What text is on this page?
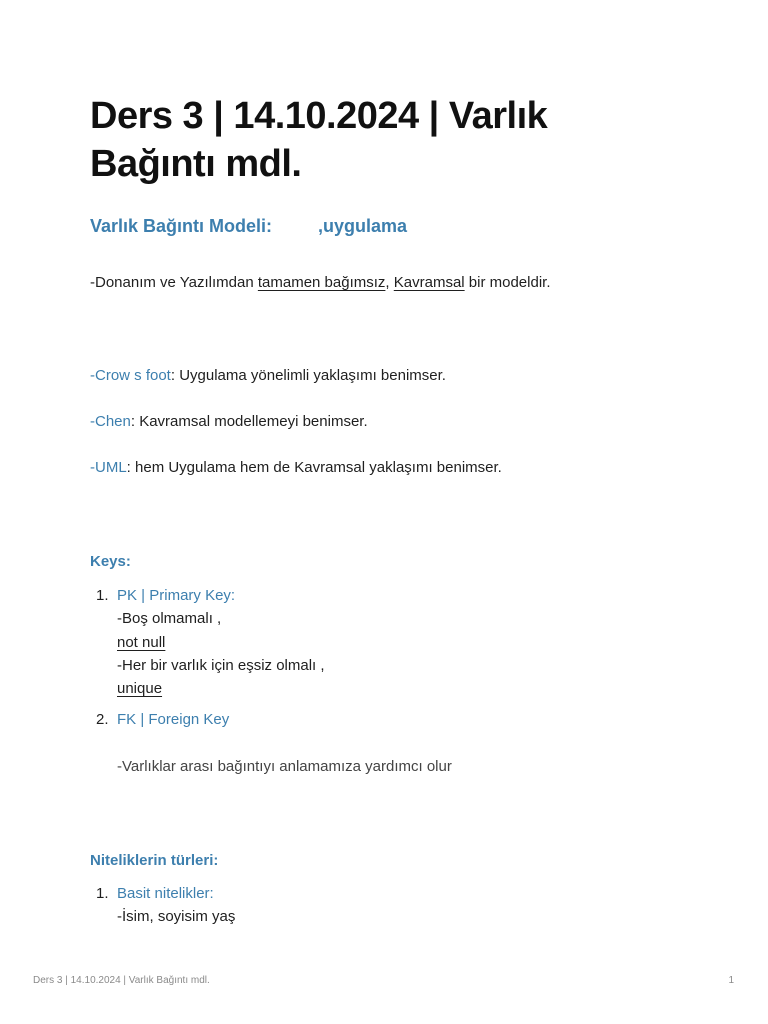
Ders 3 | 14.10.2024 | Varlık Bağıntı mdl.

Varlık Bağıntı Modeli:	,uygulama

-Donanım ve Yazılımdan tamamen bağımsız, Kavramsal bir modeldir.
-Crow s foot: Uygulama yönelimli yaklaşımı benimser.
-Chen: Kavramsal modellemeyi benimser.
-UML: hem Uygulama hem de Kavramsal yaklaşımı benimser.
Keys:
1. PK | Primary Key:
-Boş olmamalı ,
not null
-Her bir varlık için eşsiz olmalı ,
unique
2. FK | Foreign Key
-Varlıklar arası bağıntıyı anlamamıza yardımcı olur
Niteliklerin türleri:
1. Basit nitelikler:
-İsim, soyisim yaş
Ders 3 | 14.10.2024 | Varlık Bağıntı mdl.	1
